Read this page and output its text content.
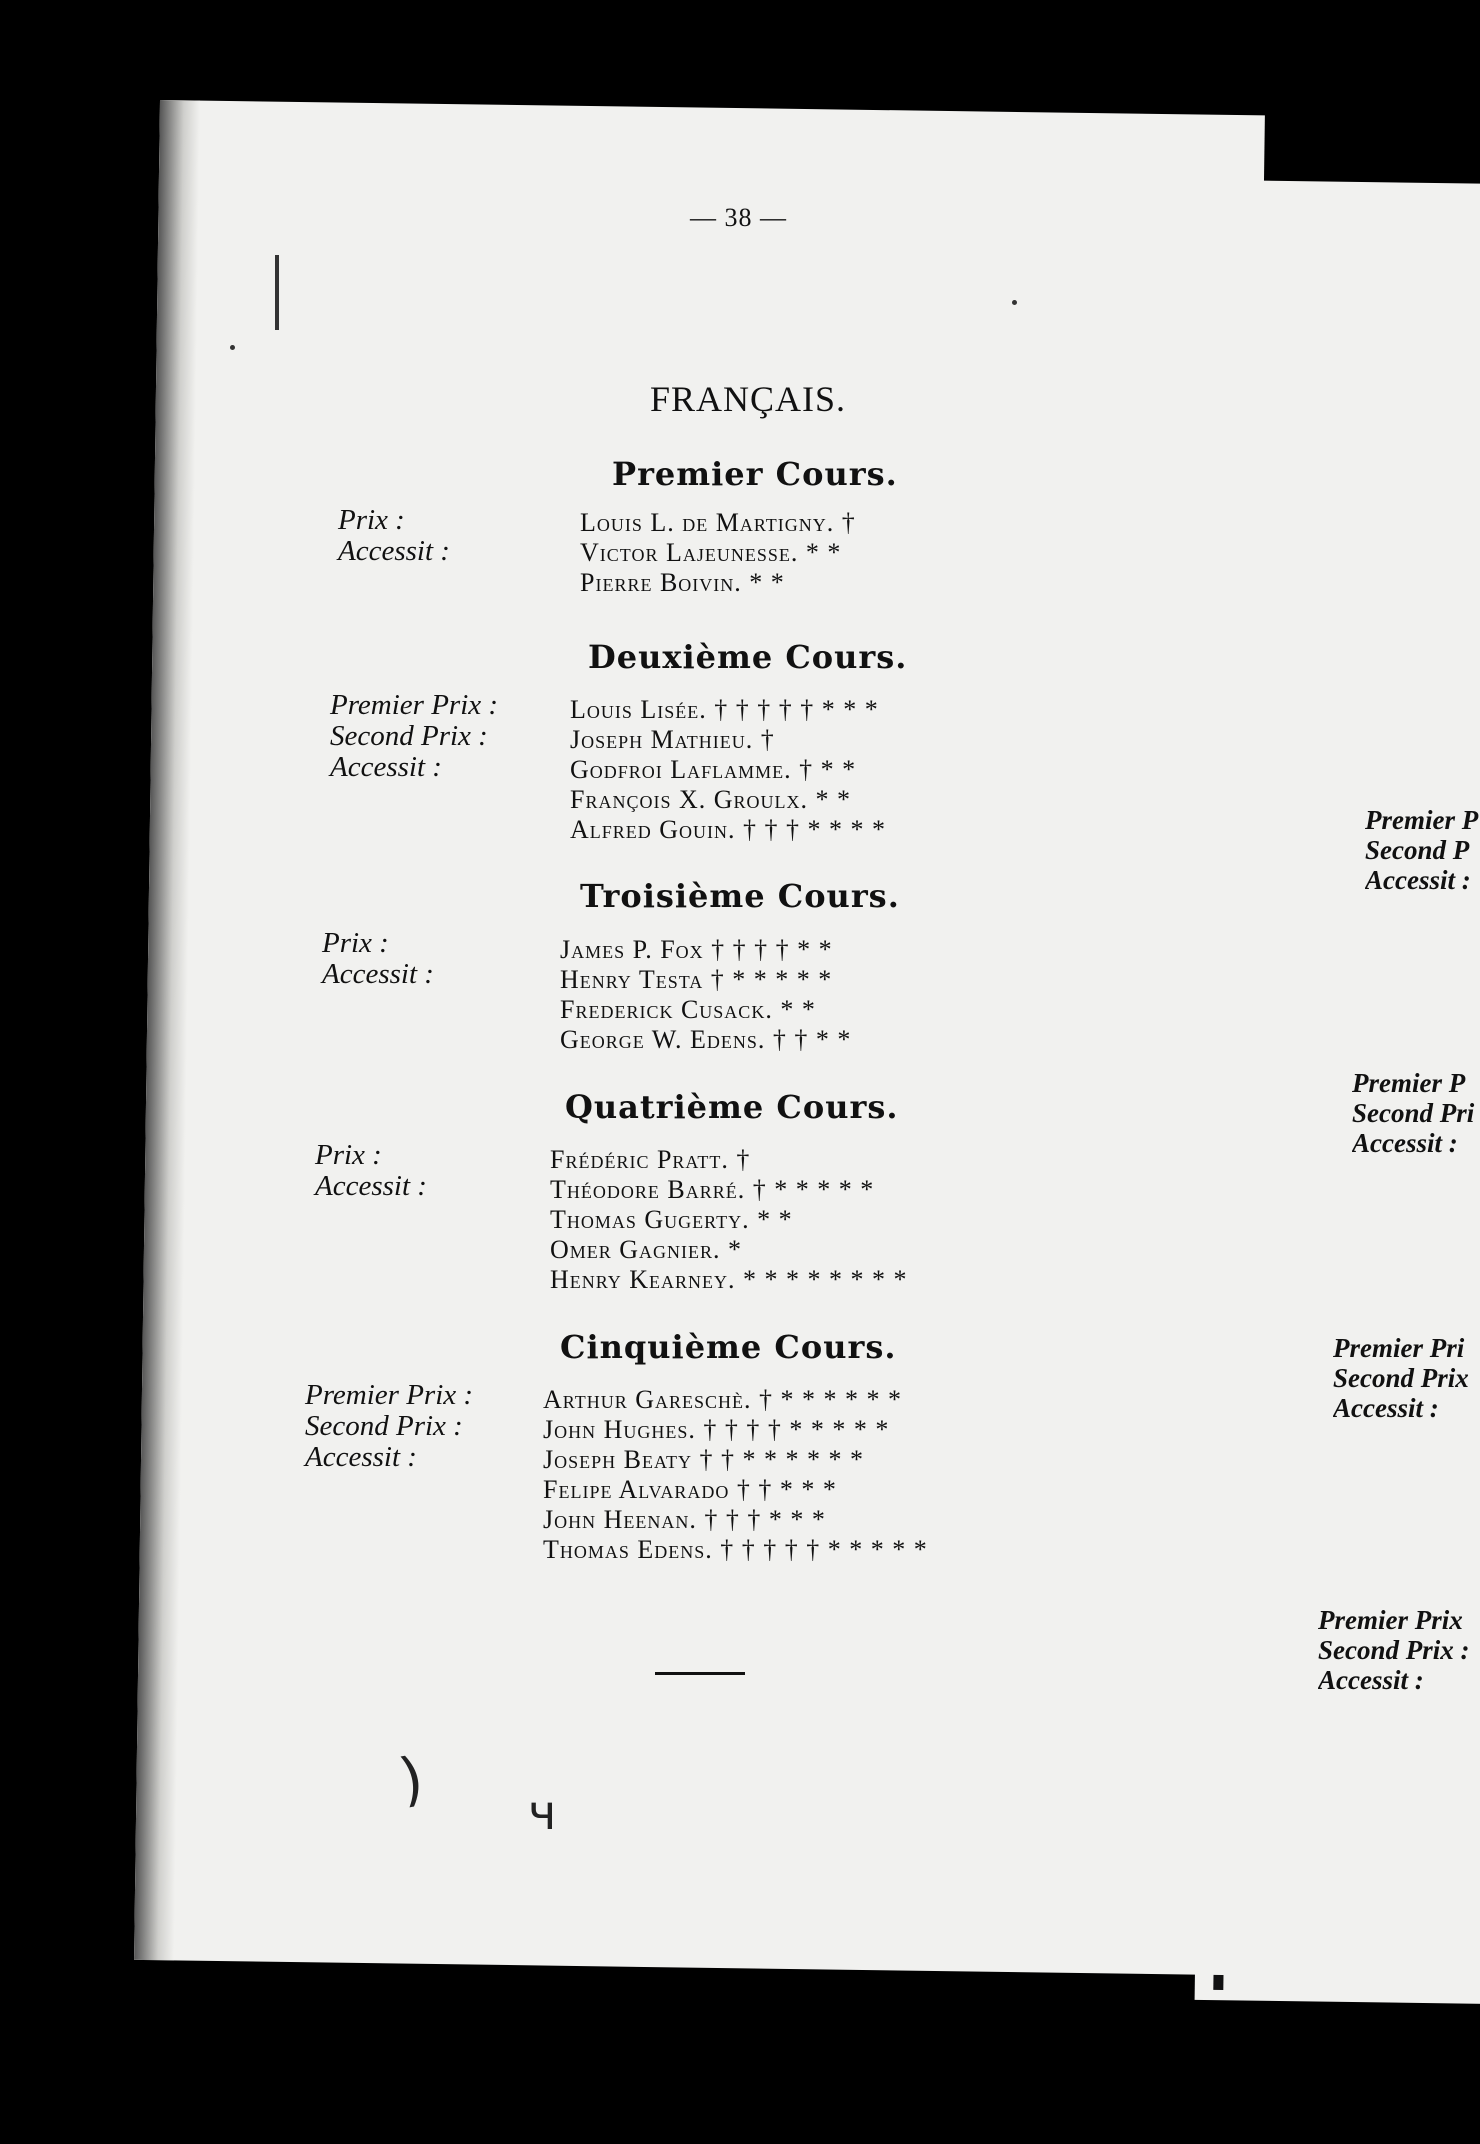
— 38 —
FRANÇAIS.
Premier Cours.
Prix :
Accessit :
Louis L. de Martigny. †
Victor Lajeunesse. * *
Pierre Boivin. * *
Deuxième Cours.
Premier Prix :
Second Prix :
Accessit :
Louis Lisée. † † † † † * * *
Joseph Mathieu. †
Godfroi Laflamme. † * *
François X. Groulx. * *
Alfred Gouin. † † † * * * *
Troisième Cours.
Prix :
Accessit :
James P. Fox † † † † * *
Henry Testa † * * * * *
Frederick Cusack. * *
George W. Edens. † † * *
Quatrième Cours.
Prix :
Accessit :
Frédéric Pratt. †
Théodore Barré. † * * * * *
Thomas Gugerty. * *
Omer Gagnier. *
Henry Kearney. * * * * * * * *
Cinquième Cours.
Premier Prix :
Second Prix :
Accessit :
Arthur Gareschè. † * * * * * *
John Hughes. † † † † * * * * *
Joseph Beaty † † * * * * * *
Felipe Alvarado † † * * *
John Heenan. † † † * * *
Thomas Edens. † † † † † * * * * *
) ч
Premier P
Second P
Accessit :
Premier P
Second Pri
Accessit :
Premier Pri
Second Prix
Accessit :
Premier Prix
Second Prix :
Accessit :
